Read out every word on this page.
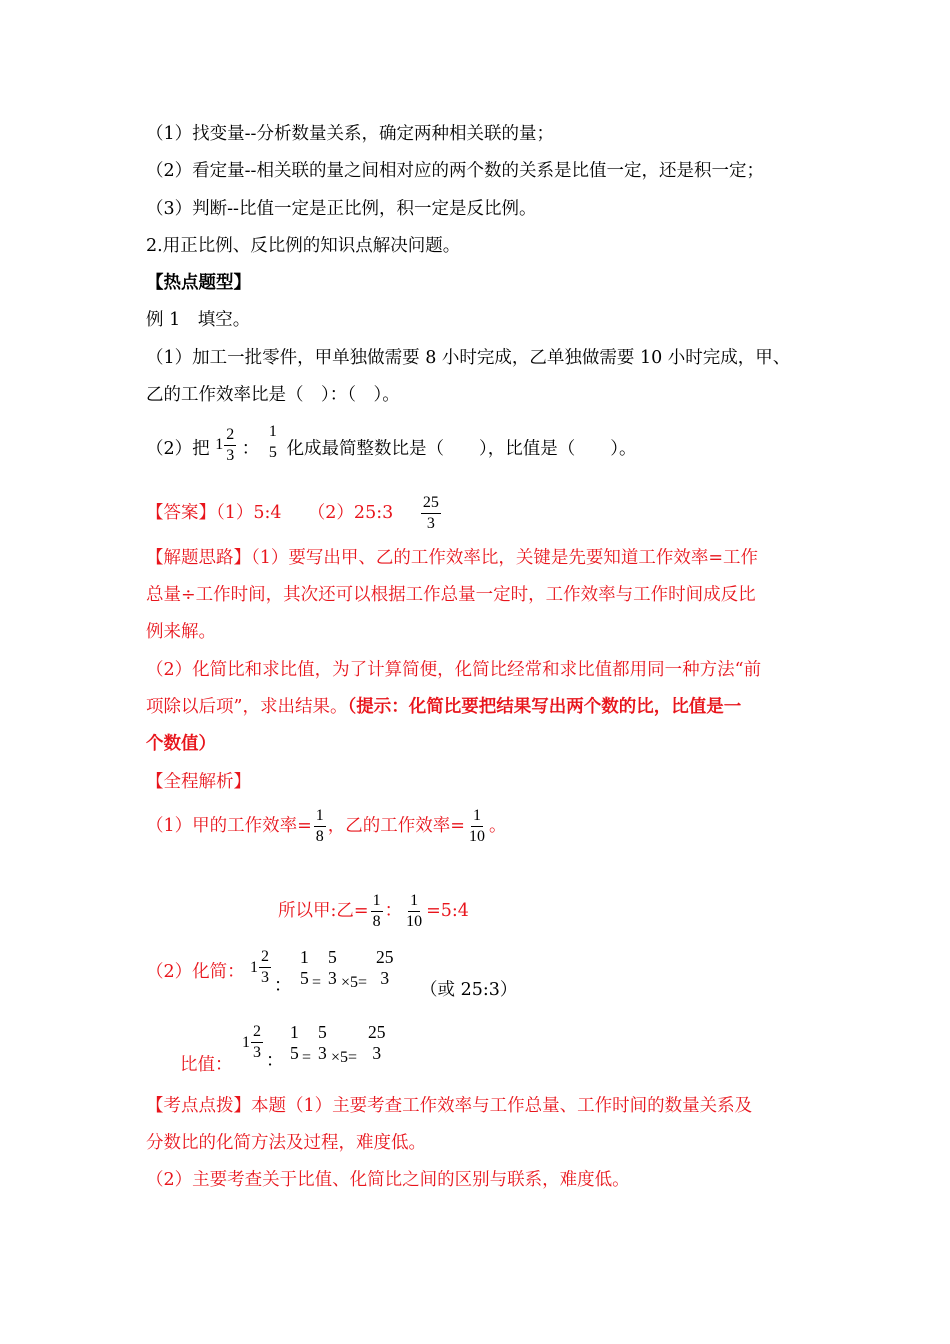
（1）找变量--分析数量关系，确定两种相关联的量；
（2）看定量--相关联的量之间相对应的两个数的关系是比值一定，还是积一定；
（3）判断--比值一定是正比例，积一定是反比例。
2.用正比例、反比例的知识点解决问题。
【热点题型】
例 1　填空。
（1）加工一批零件，甲单独做需要 8 小时完成，乙单独做需要 10 小时完成，甲、
乙的工作效率比是（　）：（　）。
（2）把 $1 \frac{2}{3}$ ：
1
5 化成最简整数比是（　　），比值是（　　）。
【答案】（1）5:4　　（2）25:3 $\frac{25}{3}$
【解题思路】（1）要写出甲、乙的工作效率比，关键是先要知道工作效率=工作
总量÷工作时间，其次还可以根据工作总量一定时，工作效率与工作时间成反比
例来解。
（2）化简比和求比值，为了计算简便，化简比经常和求比值都用同一种方法“前
项除以后项”，求出结果。（提示：化简比要把结果写出两个数的比，比值是一
个数值）
【全程解析】
（1）甲的工作效率= $\frac{1}{8}$ ，乙的工作效率= $\frac{1}{10}$ 。
所以甲:乙= $\frac{1}{8}$ ： $\frac{1}{10}$ =5:4
（2）化简： $1 \frac{2}{3}$ ：
1
5 =
5
3 ×5=
25
3
（或 25:3）
比值：
$1 \frac{2}{3}$ ：
1
5 =
5
3 ×5=
25
3
【考点点拨】本题（1）主要考查工作效率与工作总量、工作时间的数量关系及
分数比的化简方法及过程，难度低。
（2）主要考查关于比值、化简比之间的区别与联系，难度低。
